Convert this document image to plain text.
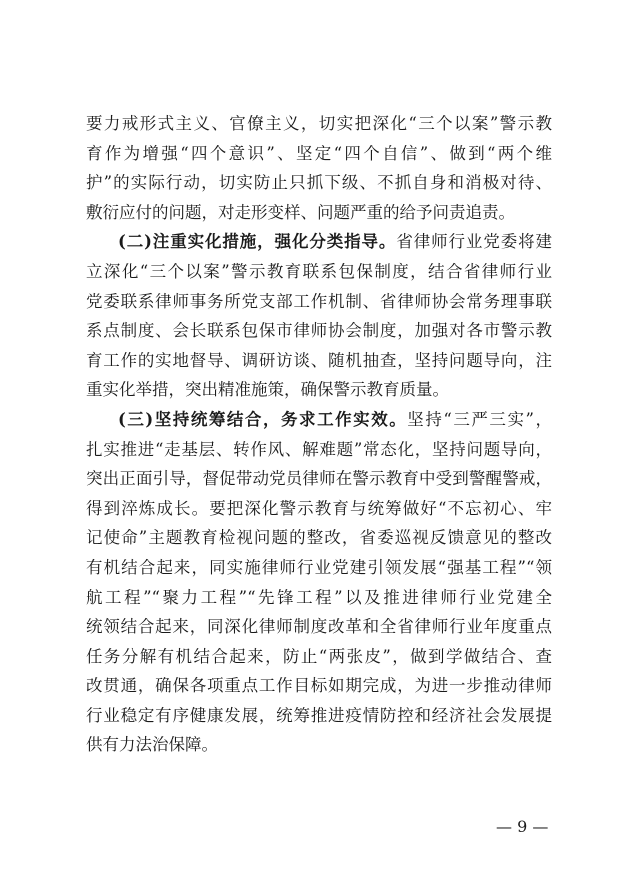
要力戒形式主义、官僚主义，切实把深化“三个以案”警示教
育作为增强“四个意识”、坚定“四个自信”、做到“两个维
护”的实际行动，切实防止只抓下级、不抓自身和消极对待、
敷衍应付的问题，对走形变样、问题严重的给予问责追责。
(二)注重实化措施，强化分类指导。省律师行业党委将建
立深化“三个以案”警示教育联系包保制度，结合省律师行业
党委联系律师事务所党支部工作机制、省律师协会常务理事联
系点制度、会长联系包保市律师协会制度，加强对各市警示教
育工作的实地督导、调研访谈、随机抽查，坚持问题导向，注
重实化举措，突出精准施策，确保警示教育质量。
(三)坚持统筹结合，务求工作实效。坚持“三严三实”，
扎实推进“走基层、转作风、解难题”常态化，坚持问题导向，
突出正面引导，督促带动党员律师在警示教育中受到警醒警戒，
得到淬炼成长。要把深化警示教育与统筹做好“不忘初心、牢
记使命”主题教育检视问题的整改，省委巡视反馈意见的整改
有机结合起来，同实施律师行业党建引领发展“强基工程”“领
航工程”“聚力工程”“先锋工程”以及推进律师行业党建全
统领结合起来，同深化律师制度改革和全省律师行业年度重点
任务分解有机结合起来，防止“两张皮”，做到学做结合、查
改贯通，确保各项重点工作目标如期完成，为进一步推动律师
行业稳定有序健康发展，统筹推进疫情防控和经济社会发展提
供有力法治保障。
— 9 —
